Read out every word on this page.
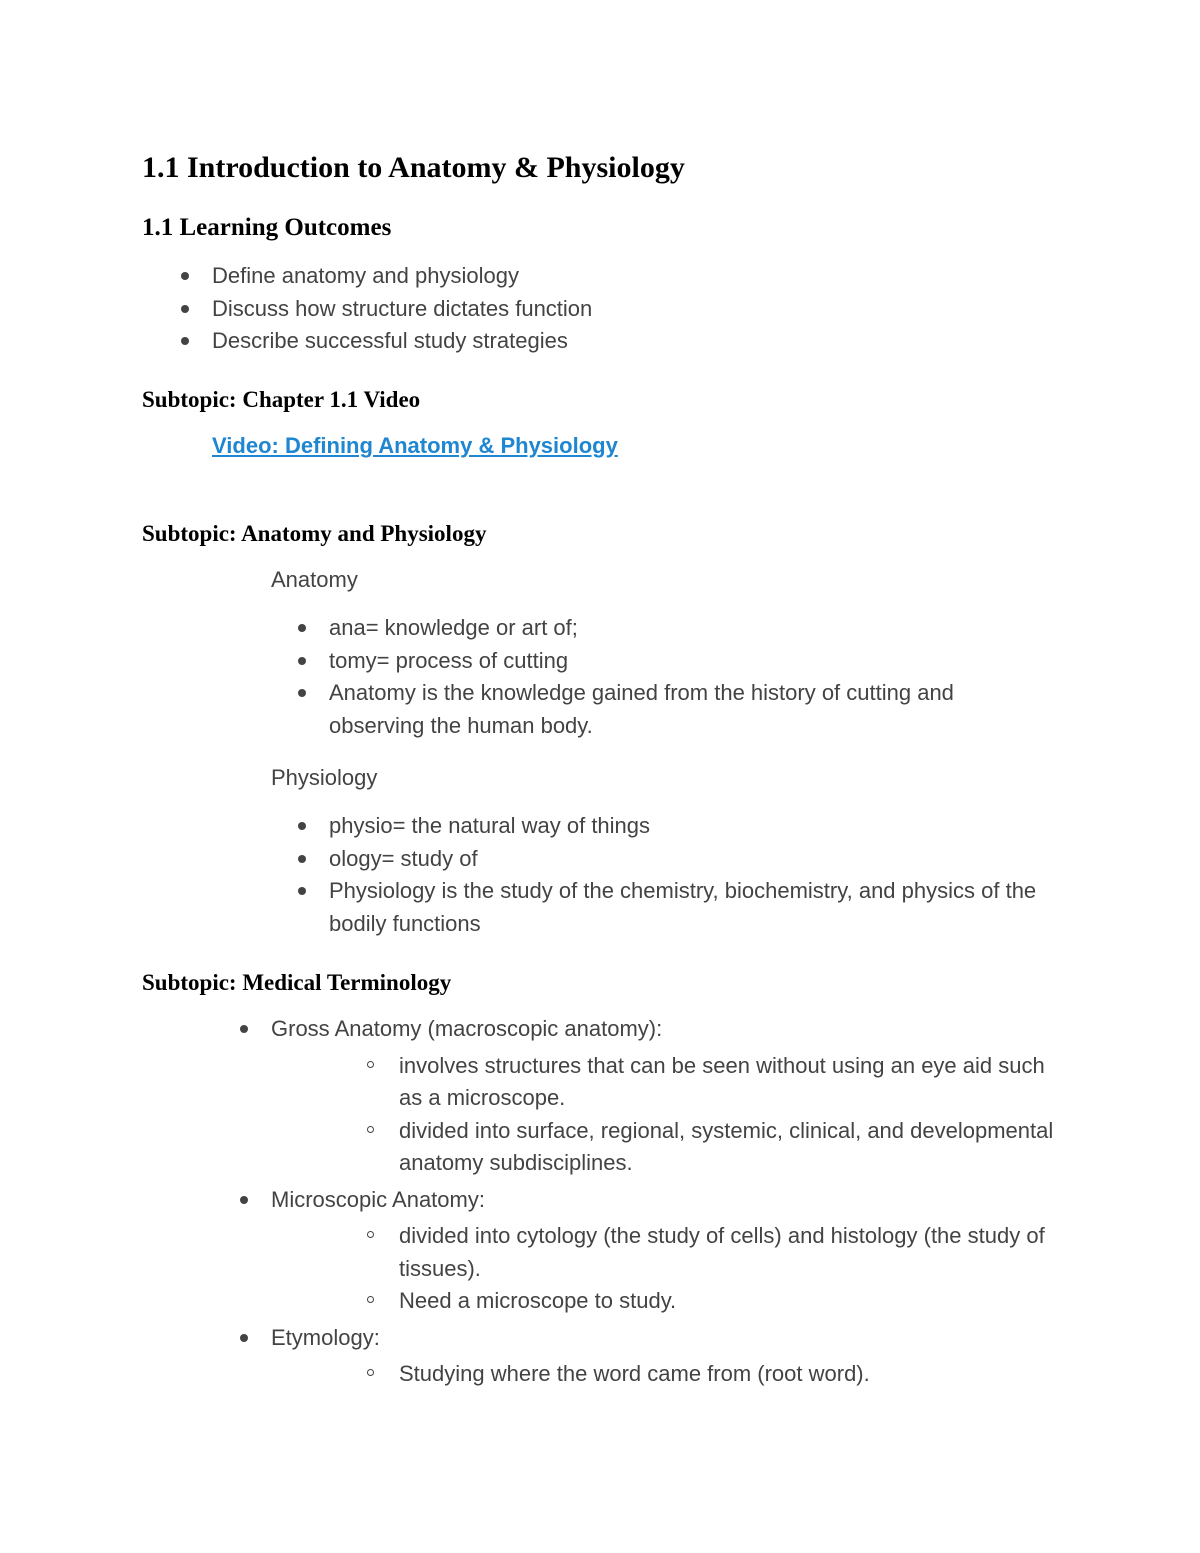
1.1 Introduction to Anatomy & Physiology
1.1 Learning Outcomes
Define anatomy and physiology
Discuss how structure dictates function
Describe successful study strategies
Subtopic: Chapter 1.1 Video
Video: Defining Anatomy & Physiology
Subtopic: Anatomy and Physiology
Anatomy
ana= knowledge or art of;
tomy= process of cutting
Anatomy is the knowledge gained from the history of cutting and observing the human body.
Physiology
physio= the natural way of things
ology= study of
Physiology is the study of the chemistry, biochemistry, and physics of the bodily functions
Subtopic: Medical Terminology
Gross Anatomy (macroscopic anatomy):
involves structures that can be seen without using an eye aid such as a microscope.
divided into surface, regional, systemic, clinical, and developmental anatomy subdisciplines.
Microscopic Anatomy:
divided into cytology (the study of cells) and histology (the study of tissues).
Need a microscope to study.
Etymology:
Studying where the word came from (root word).
